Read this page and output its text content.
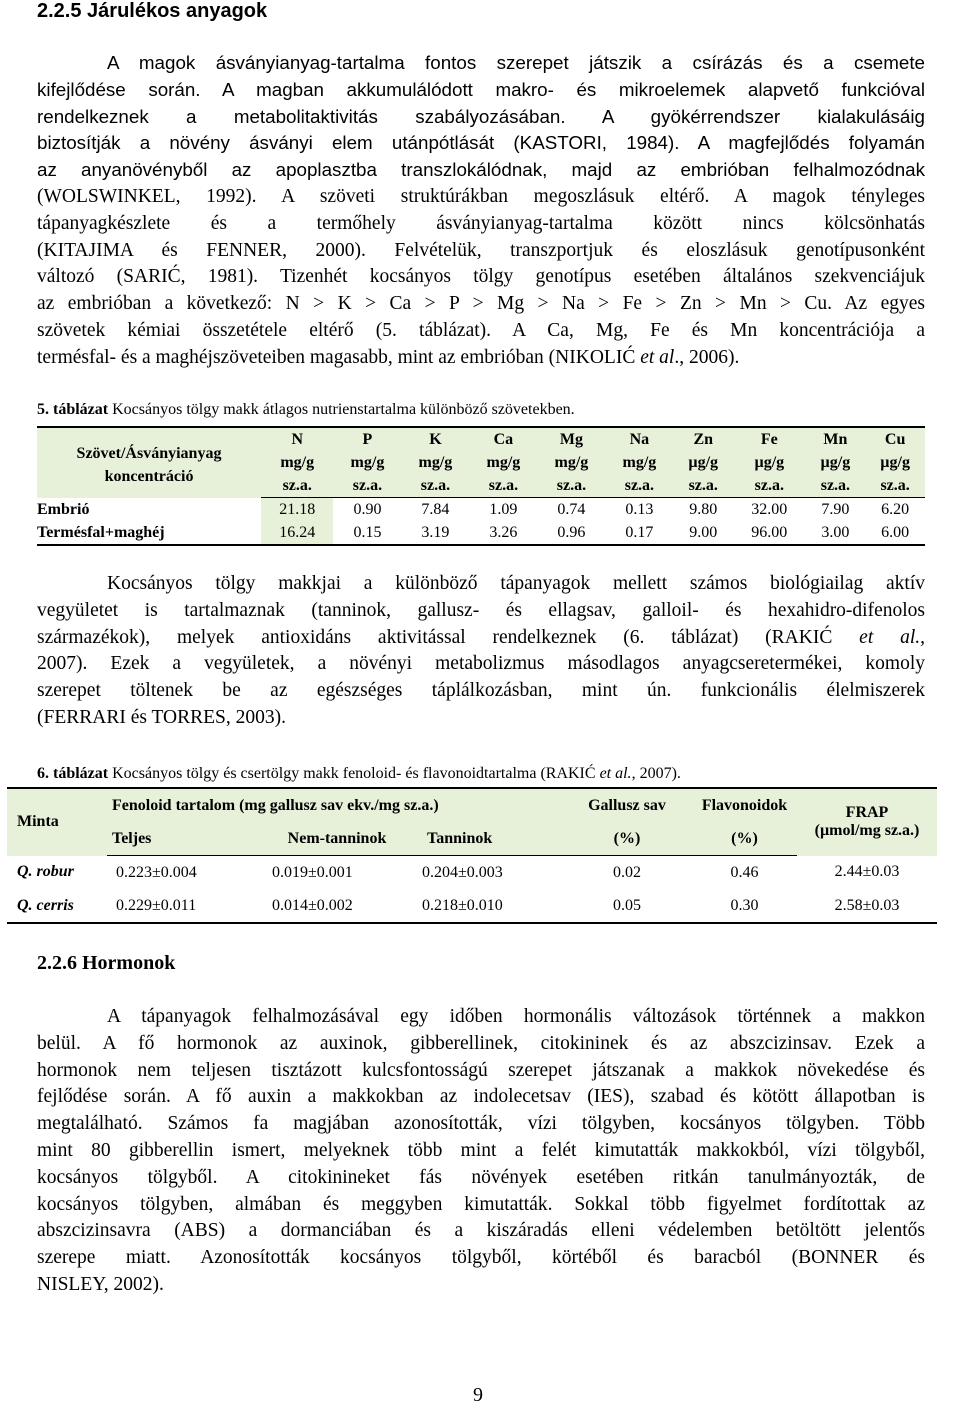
2.2.5 Járulékos anyagok
A magok ásványianyag-tartalma fontos szerepet játszik a csírázás és a csemete
kifejlődése során. A magban akkumulálódott makro- és mikroelemek alapvető funkcióval
rendelkeznek a metabolitaktivitás szabályozásában. A gyökérrendszer kialakulásáig
biztosítják a növény ásványi elem utánpótlását (KASTORI, 1984). A magfejlődés folyamán
az anyanövényből az apoplasztba transzlokálódnak, majd az embrióban felhalmozódnak
(WOLSWINKEL, 1992). A szöveti struktúrákban megoszlásuk eltérő. A magok tényleges
tápanyagkészlete és a termőhely ásványianyag-tartalma között nincs kölcsönhatás
(KITAJIMA és FENNER, 2000). Felvételük, transzportjuk és eloszlásuk genotípusonként
változó (SARIĆ, 1981). Tizenhét kocsányos tölgy genotípus esetében általános szekvenciájuk
az embrióban a következő: N > K > Ca > P > Mg > Na > Fe > Zn > Mn > Cu. Az egyes
szövetek kémiai összetétele eltérő (5. táblázat). A Ca, Mg, Fe és Mn koncentrációja a
termésfal- és a maghéjszöveteiben magasabb, mint az embrióban (NIKOLIĆ et al., 2006).
5. táblázat Kocsányos tölgy makk átlagos nutrienstartalma különböző szövetekben.
Szövet/Ásványianyag koncentráció	N	P	K	Ca	Mg	Na	Zn	Fe	Mn	Cu
	mg/g	mg/g	mg/g	mg/g	mg/g	mg/g	µg/g	µg/g	µg/g	µg/g
	sz.a.	sz.a.	sz.a.	sz.a.	sz.a.	sz.a.	sz.a.	sz.a.	sz.a.	sz.a.
Embrió	21.18	0.90	7.84	1.09	0.74	0.13	9.80	32.00	7.90	6.20
Termésfal+maghéj	16.24	0.15	3.19	3.26	0.96	0.17	9.00	96.00	3.00	6.00
Kocsányos tölgy makkjai a különböző tápanyagok mellett számos biológiailag aktív
vegyületet is tartalmaznak (tanninok, gallusz- és ellagsav, galloil- és hexahidro-difenolos
származékok), melyek antioxidáns aktivitással rendelkeznek (6. táblázat) (RAKIĆ et al.,
2007). Ezek a vegyületek, a növényi metabolizmus másodlagos anyagcseretermékei, komoly
szerepet töltenek be az egészséges táplálkozásban, mint ún. funkcionális élelmiszerek
(FERRARI és TORRES, 2003).
6. táblázat Kocsányos tölgy és csertölgy makk fenoloid- és flavonoidtartalma (RAKIĆ et al., 2007).
Minta	Fenoloid tartalom (mg gallusz sav ekv./mg sz.a.)			Gallusz sav	Flavonoidok	FRAP
(µmol/mg sz.a.)

	Teljes	Nem-tanninok	Tanninok	(%)	(%)	
Q. robur	0.223±0.004	0.019±0.001	0.204±0.003	0.02	0.46	2.44±0.03
Q. cerris	0.229±0.011	0.014±0.002	0.218±0.010	0.05	0.30	2.58±0.03
2.2.6 Hormonok
A tápanyagok felhalmozásával egy időben hormonális változások történnek a makkon
belül. A fő hormonok az auxinok, gibberellinek, citokininek és az abszcizinsav. Ezek a
hormonok nem teljesen tisztázott kulcsfontosságú szerepet játszanak a makkok növekedése és
fejlődése során. A fő auxin a makkokban az indolecetsav (IES), szabad és kötött állapotban is
megtalálható. Számos fa magjában azonosították, vízi tölgyben, kocsányos tölgyben. Több
mint 80 gibberellin ismert, melyeknek több mint a felét kimutatták makkokból, vízi tölgyből,
kocsányos tölgyből. A citokinineket fás növények esetében ritkán tanulmányozták, de
kocsányos tölgyben, almában és meggyben kimutatták. Sokkal több figyelmet fordítottak az
abszcizinsavra (ABS) a dormanciában és a kiszáradás elleni védelemben betöltött jelentős
szerepe miatt. Azonosították kocsányos tölgyből, körtéből és baracból (BONNER és
NISLEY, 2002).
9
